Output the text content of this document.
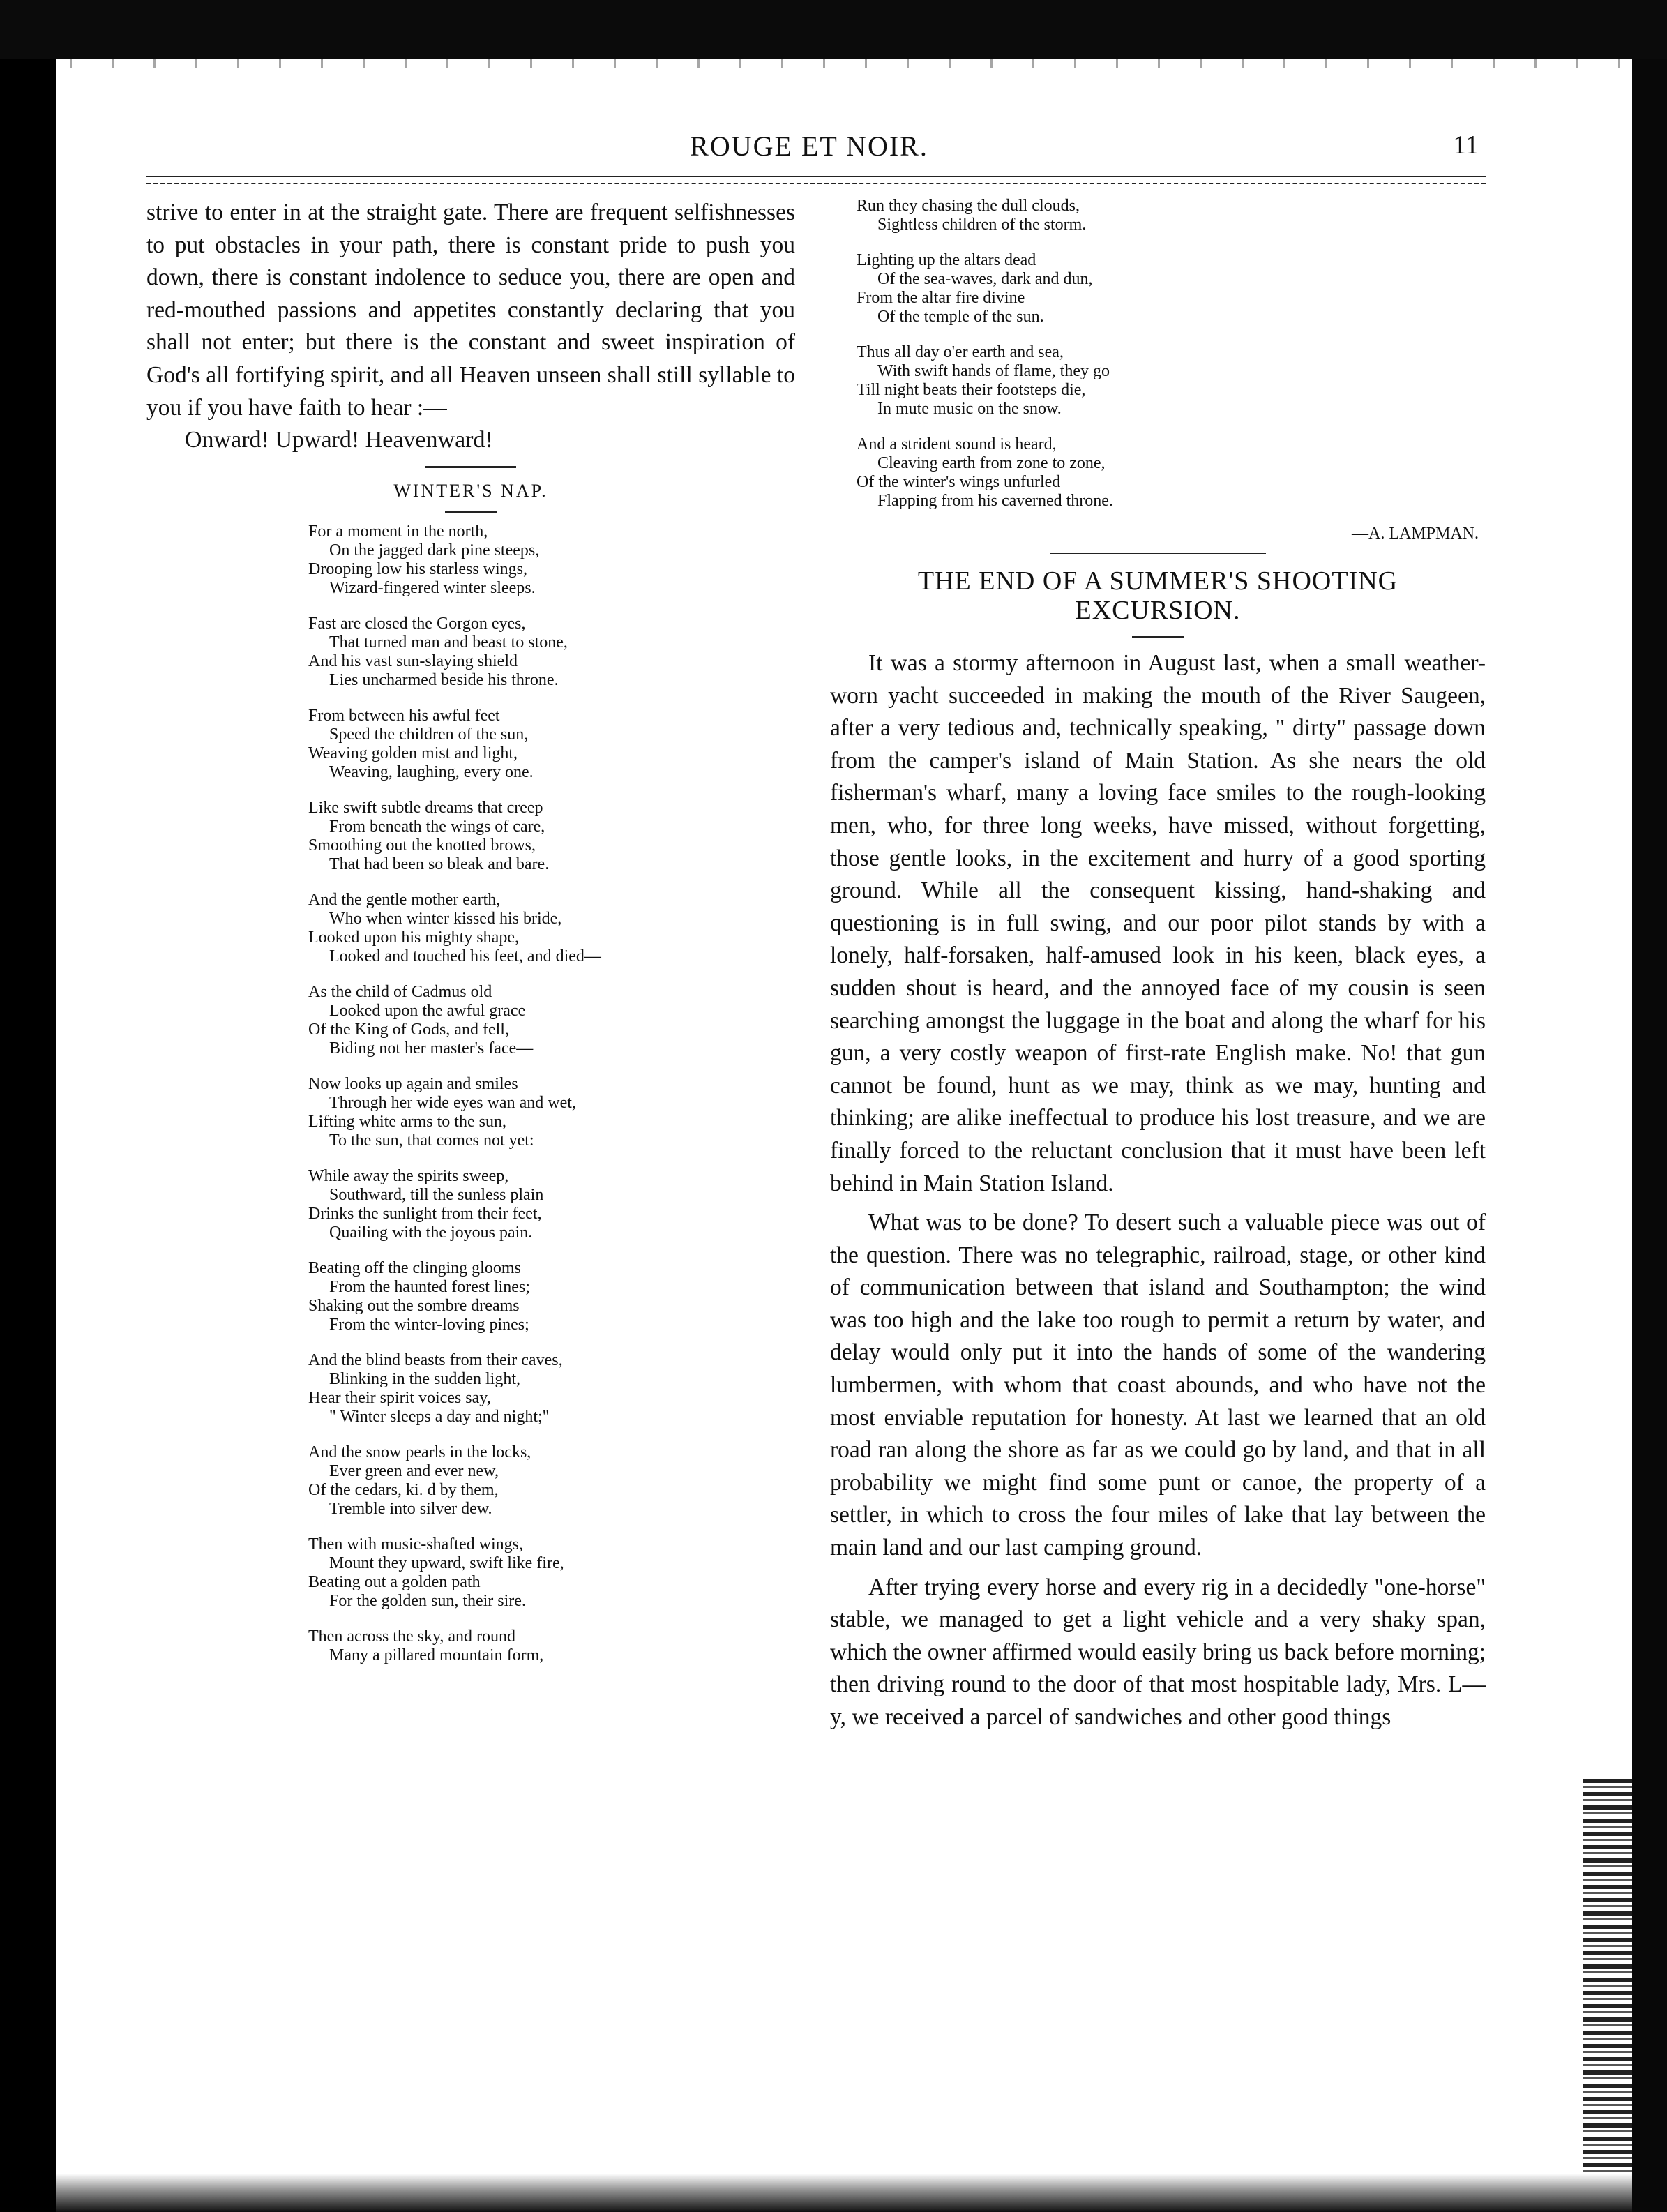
ROUGE ET NOIR.	11

strive to enter in at the straight gate. There are frequent selfishnesses to put obstacles in your path, there is constant pride to push you down, there is constant indolence to seduce you, there are open and red-mouthed passions and appetites constantly declaring that you shall not enter; but there is the constant and sweet inspiration of God's all fortifying spirit, and all Heaven unseen shall still syllable to you if you have faith to hear :—

Onward! Upward! Heavenward!

WINTER'S NAP.
For a moment in the north,
On the jagged dark pine steeps,
Drooping low his starless wings,
Wizard-fingered winter sleeps.
Fast are closed the Gorgon eyes,
That turned man and beast to stone,
And his vast sun-slaying shield
Lies uncharmed beside his throne.
From between his awful feet
Speed the children of the sun,
Weaving golden mist and light,
Weaving, laughing, every one.
Like swift subtle dreams that creep
From beneath the wings of care,
Smoothing out the knotted brows,
That had been so bleak and bare.
And the gentle mother earth,
Who when winter kissed his bride,
Looked upon his mighty shape,
Looked and touched his feet, and died—
As the child of Cadmus old
Looked upon the awful grace
Of the King of Gods, and fell,
Biding not her master's face—
Now looks up again and smiles
Through her wide eyes wan and wet,
Lifting white arms to the sun,
To the sun, that comes not yet:
While away the spirits sweep,
Southward, till the sunless plain
Drinks the sunlight from their feet,
Quailing with the joyous pain.
Beating off the clinging glooms
From the haunted forest lines;
Shaking out the sombre dreams
From the winter-loving pines;
And the blind beasts from their caves,
Blinking in the sudden light,
Hear their spirit voices say,
" Winter sleeps a day and night;"
And the snow pearls in the locks,
Ever green and ever new,
Of the cedars, ki. d by them,
Tremble into silver dew.
Then with music-shafted wings,
Mount they upward, swift like fire,
Beating out a golden path
For the golden sun, their sire.
Then across the sky, and round
Many a pillared mountain form,
Run they chasing the dull clouds,
Sightless children of the storm.
Lighting up the altars dead
Of the sea-waves, dark and dun,
From the altar fire divine
Of the temple of the sun.
Thus all day o'er earth and sea,
With swift hands of flame, they go
Till night beats their footsteps die,
In mute music on the snow.
And a strident sound is heard,
Cleaving earth from zone to zone,
Of the winter's wings unfurled
Flapping from his caverned throne.
—A. LAMPMAN.
THE END OF A SUMMER'S SHOOTING
EXCURSION.

It was a stormy afternoon in August last, when a small weather-worn yacht succeeded in making the mouth of the River Saugeen, after a very tedious and, technically speaking, " dirty" passage down from the camper's island of Main Station. As she nears the old fisherman's wharf, many a loving face smiles to the rough-looking men, who, for three long weeks, have missed, without forgetting, those gentle looks, in the excitement and hurry of a good sporting ground. While all the consequent kissing, hand-shaking and questioning is in full swing, and our poor pilot stands by with a lonely, half-forsaken, half-amused look in his keen, black eyes, a sudden shout is heard, and the annoyed face of my cousin is seen searching amongst the luggage in the boat and along the wharf for his gun, a very costly weapon of first-rate English make. No! that gun cannot be found, hunt as we may, think as we may, hunting and thinking; are alike ineffectual to produce his lost treasure, and we are finally forced to the reluctant conclusion that it must have been left behind in Main Station Island.

What was to be done? To desert such a valuable piece was out of the question. There was no telegraphic, railroad, stage, or other kind of communication between that island and Southampton; the wind was too high and the lake too rough to permit a return by water, and delay would only put it into the hands of some of the wandering lumbermen, with whom that coast abounds, and who have not the most enviable reputation for honesty. At last we learned that an old road ran along the shore as far as we could go by land, and that in all probability we might find some punt or canoe, the property of a settler, in which to cross the four miles of lake that lay between the main land and our last camping ground.

After trying every horse and every rig in a decidedly "one-horse" stable, we managed to get a light vehicle and a very shaky span, which the owner affirmed would easily bring us back before morning; then driving round to the door of that most hospitable lady, Mrs. L—y, we received a parcel of sandwiches and other good things
